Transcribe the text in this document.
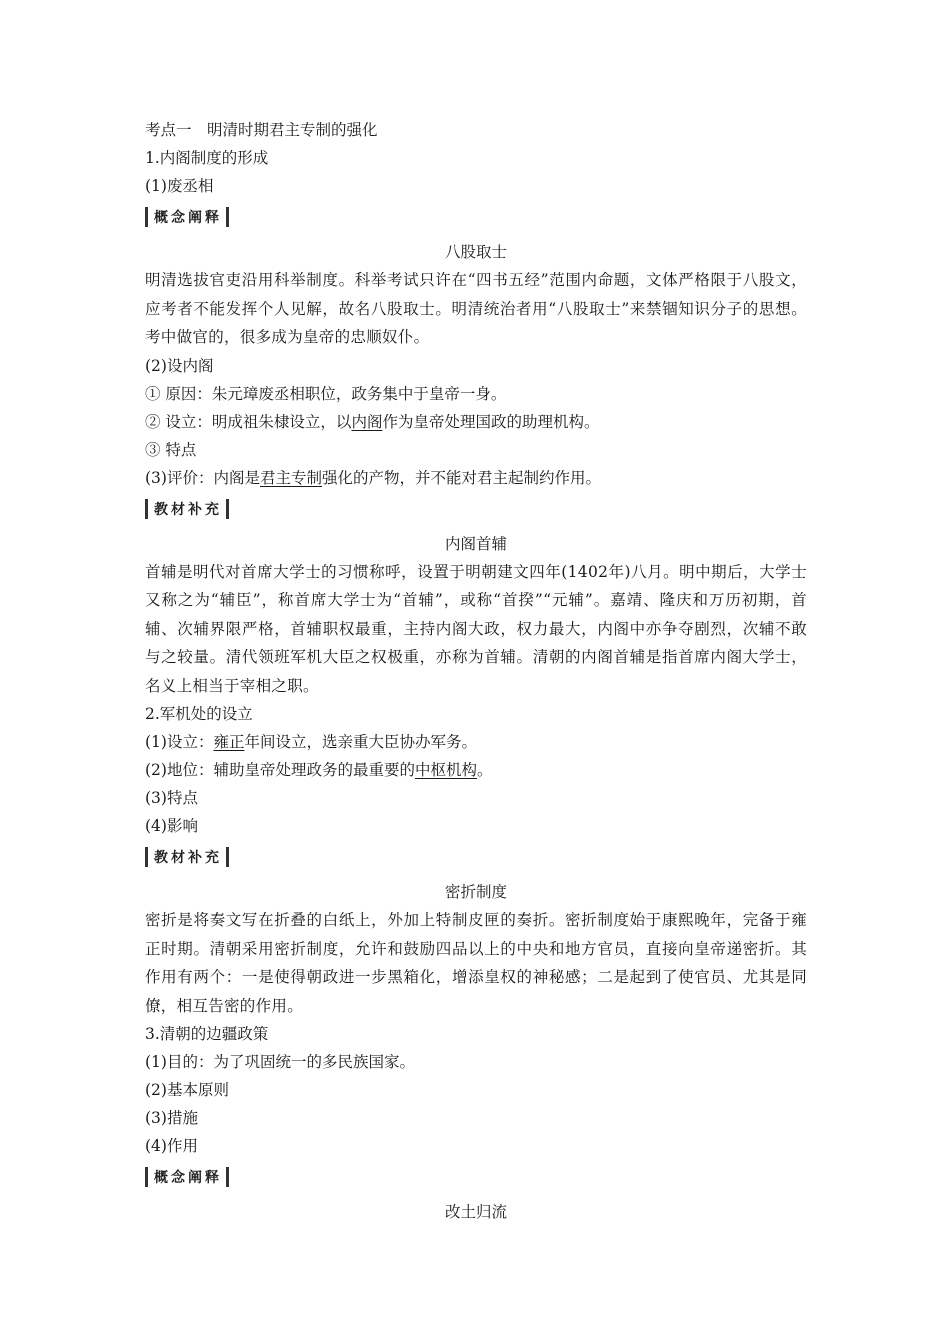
考点一　明清时期君主专制的强化
1.内阁制度的形成
(1)废丞相
概念阐释
八股取士
明清选拔官吏沿用科举制度。科举考试只许在“四书五经”范围内命题，文体严格限于八股文，应考者不能发挥个人见解，故名八股取士。明清统治者用“八股取士”来禁锢知识分子的思想。考中做官的，很多成为皇帝的忠顺奴仆。
(2)设内阁
① 原因：朱元璋废丞相职位，政务集中于皇帝一身。
② 设立：明成祖朱棣设立，以内阁作为皇帝处理国政的助理机构。
③ 特点
(3)评价：内阁是君主专制强化的产物，并不能对君主起制约作用。
教材补充
内阁首辅
首辅是明代对首席大学士的习惯称呼，设置于明朝建文四年(1402年)八月。明中期后，大学士又称之为“辅臣”，称首席大学士为“首辅”，或称“首揆”“元辅”。嘉靖、隆庆和万历初期，首辅、次辅界限严格，首辅职权最重，主持内阁大政，权力最大，内阁中亦争夺剧烈，次辅不敢与之较量。清代领班军机大臣之权极重，亦称为首辅。清朝的内阁首辅是指首席内阁大学士，名义上相当于宰相之职。
2.军机处的设立
(1)设立：雍正年间设立，选亲重大臣协办军务。
(2)地位：辅助皇帝处理政务的最重要的中枢机构。
(3)特点
(4)影响
教材补充
密折制度
密折是将奏文写在折叠的白纸上，外加上特制皮匣的奏折。密折制度始于康熙晚年，完备于雍正时期。清朝采用密折制度，允许和鼓励四品以上的中央和地方官员，直接向皇帝递密折。其作用有两个：一是使得朝政进一步黑箱化，增添皇权的神秘感；二是起到了使官员、尤其是同僚，相互告密的作用。
3.清朝的边疆政策
(1)目的：为了巩固统一的多民族国家。
(2)基本原则
(3)措施
(4)作用
概念阐释
改土归流
